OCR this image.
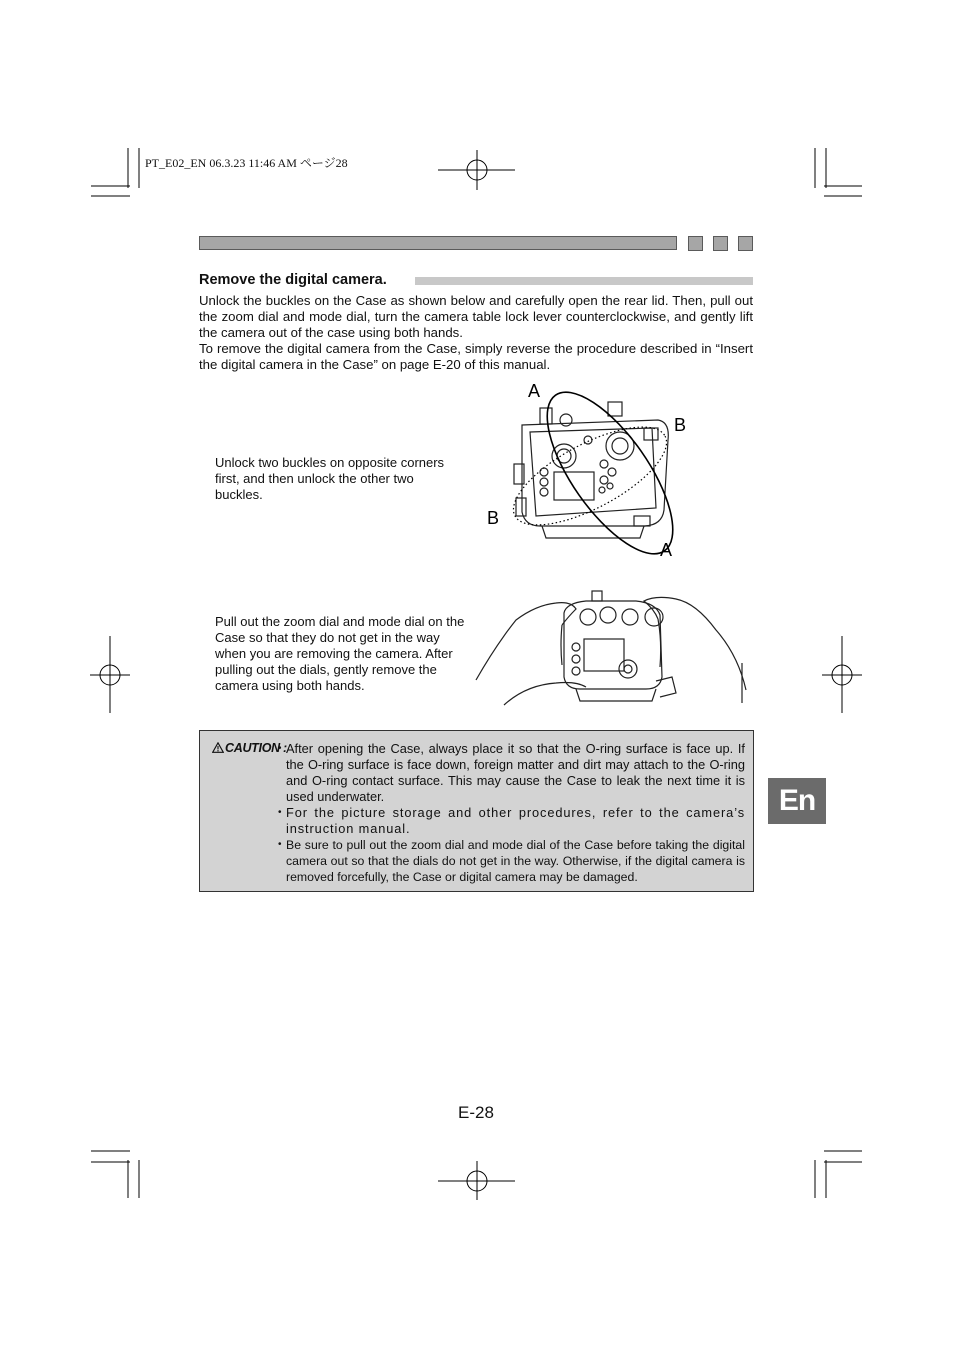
PT_E02_EN 06.3.23 11:46 AM ページ28
Remove the digital camera.

Unlock the buckles on the Case as shown below and carefully open the rear lid. Then, pull out the zoom dial and mode dial, turn the camera table lock lever counterclockwise, and gently lift the camera out of the case using both hands.

To remove the digital camera from the Case, simply reverse the procedure described in “Insert the digital camera in the Case” on page E-20 of this manual.

Unlock two buckles on opposite corners first, and then unlock the other two buckles.
A
B
B
A
Pull out the zoom dial and mode dial on the Case so that they do not get in the way when you are removing the camera. After pulling out the dials, gently remove the camera using both hands.
CAUTION :
• After opening the Case, always place it so that the O-ring surface is face up. If the O-ring surface is face down, foreign matter and dirt may attach to the O-ring and O-ring contact surface. This may cause the Case to leak the next time it is used underwater.
• For the picture storage and other procedures, refer to the camera’s instruction manual.
• Be sure to pull out the zoom dial and mode dial of the Case before taking the digital camera out so that the dials do not get in the way. Otherwise, if the digital camera is removed forcefully, the Case or digital camera may be damaged.
En
E-28
